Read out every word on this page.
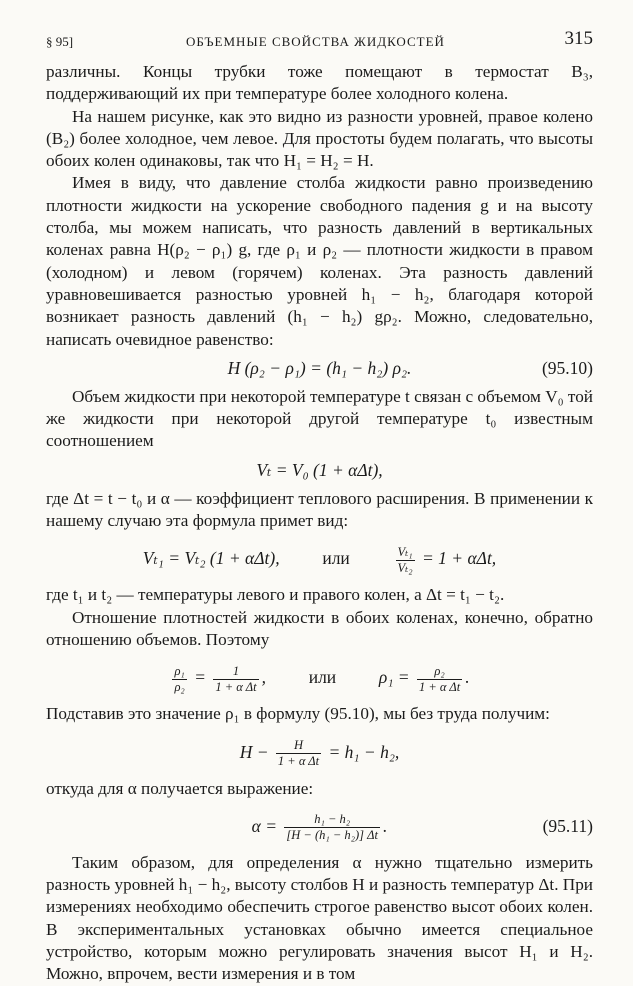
§ 95]	ОБЪЕМНЫЕ СВОЙСТВА ЖИДКОСТЕЙ	315

различны. Концы трубки тоже помещают в термостат B₃, поддерживающий их при температуре более холодного колена.

На нашем рисунке, как это видно из разности уровней, правое колено (B₂) более холодное, чем левое. Для простоты будем полагать, что высоты обоих колен одинаковы, так что H₁ = H₂ = H.

Имея в виду, что давление столба жидкости равно произведению плотности жидкости на ускорение свободного падения g и на высоту столба, мы можем написать, что разность давлений в вертикальных коленах равна H(ρ₂ − ρ₁) g, где ρ₁ и ρ₂ — плотности жидкости в правом (холодном) и левом (горячем) коленах. Эта разность давлений уравновешивается разностью уровней h₁ − h₂, благодаря которой возникает разность давлений (h₁ − h₂) gρ₂. Можно, следовательно, написать очевидное равенство:

H (ρ₂ − ρ₁) = (h₁ − h₂) ρ₂.	(95.10)

Объем жидкости при некоторой температуре t связан с объемом V₀ той же жидкости при некоторой другой температуре t₀ известным соотношением

Vₜ = V₀ (1 + αΔt),

где Δt = t − t₀ и α — коэффициент теплового расширения. В применении к нашему случаю эта формула примет вид:

Vₜ₁ = Vₜ₂ (1 + αΔt), или	$\frac{\text{Vₜ₁}}{\text{Vₜ₂}} = 1 + \alpha\Delta t$,

где t₁ и t₂ — температуры левого и правого колен, а Δt = t₁ − t₂.

Отношение плотностей жидкости в обоих коленах, конечно, обратно отношению объемов. Поэтому

$\frac{\text{ρ₁}}{\text{ρ₂}} = \frac{1}{\text{1 + α Δt}}$ , или $\rho_1 = \frac{\text{ρ₂}}{\text{1 + α Δt}}$ .

Подставив это значение ρ₁ в формулу (95.10), мы без труда получим:

$H - \frac{H}{\text{1 + α Δt}} = h_1 - h_2$,

откуда для α получается выражение:

$\alpha = \frac{\text{h₁ − h₂}}{\text{[H − (h₁ − h₂)] Δt}}$ .	(95.11)

Таким образом, для определения α нужно тщательно измерить разность уровней h₁ − h₂, высоту столбов H и разность температур Δt. При измерениях необходимо обеспечить строгое равенство высот обоих колен. В экспериментальных установках обычно имеется специальное устройство, которым можно регулировать значения высот H₁ и H₂. Можно, впрочем, вести измерения и в том
